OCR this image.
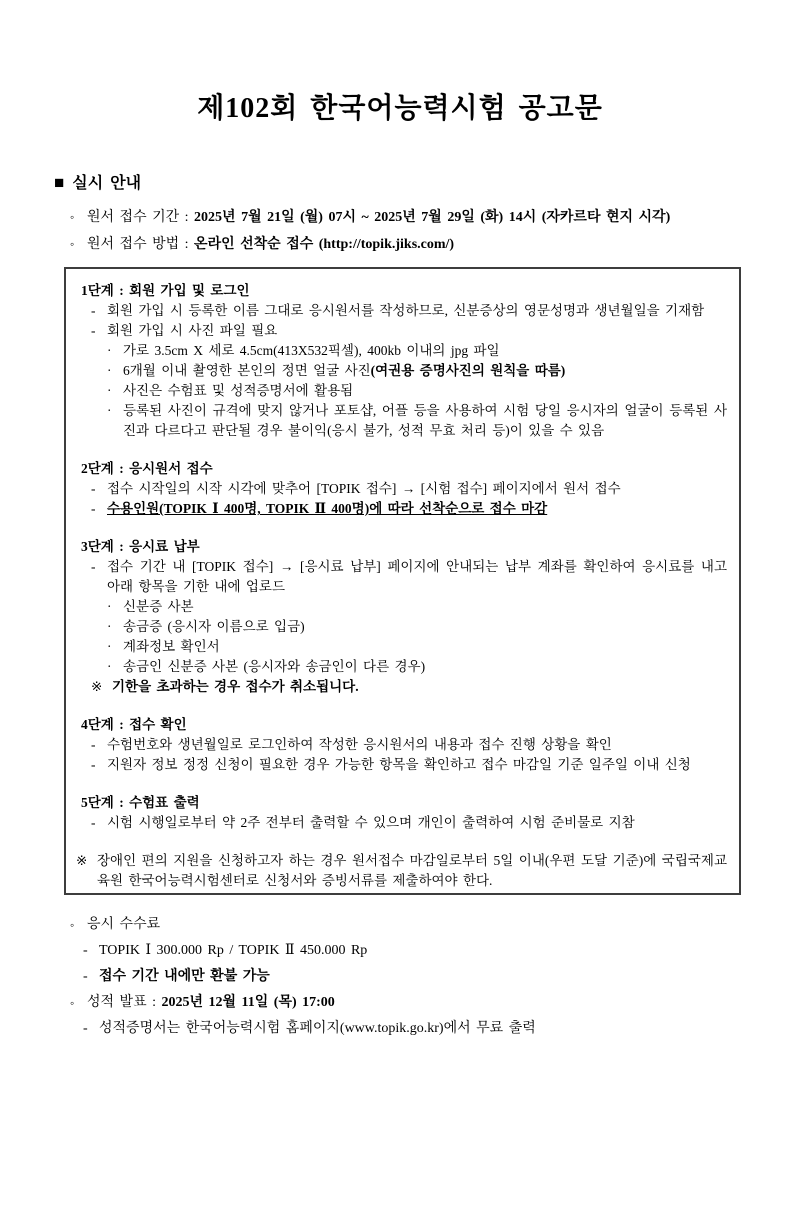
제102회 한국어능력시험 공고문
■ 실시 안내
◦ 원서 접수 기간 : 2025년 7월 21일 (월) 07시 ~ 2025년 7월 29일 (화) 14시 (자카르타 현지 시각)
◦ 원서 접수 방법 : 온라인 선착순 접수 (http://topik.jiks.com/)
1단계 : 회원 가입 및 로그인
- 회원 가입 시 등록한 이름 그대로 응시원서를 작성하므로, 신분증상의 영문성명과 생년월일을 기재함
- 회원 가입 시 사진 파일 필요
· 가로 3.5cm X 세로 4.5cm(413X532픽셀), 400kb 이내의 jpg 파일
· 6개월 이내 촬영한 본인의 정면 얼굴 사진(여권용 증명사진의 원칙을 따름)
· 사진은 수험표 및 성적증명서에 활용됨
· 등록된 사진이 규격에 맞지 않거나 포토샵, 어플 등을 사용하여 시험 당일 응시자의 얼굴이 등록된 사진과 다르다고 판단될 경우 불이익(응시 불가, 성적 무효 처리 등)이 있을 수 있음
2단계 : 응시원서 접수
- 접수 시작일의 시작 시각에 맞추어 [TOPIK 접수] → [시험 접수] 페이지에서 원서 접수
- 수용인원(TOPIK Ⅰ 400명, TOPIK Ⅱ 400명)에 따라 선착순으로 접수 마감
3단계 : 응시료 납부
- 접수 기간 내 [TOPIK 접수] → [응시료 납부] 페이지에 안내되는 납부 계좌를 확인하여 응시료를 내고 아래 항목을 기한 내에 업로드
· 신분증 사본
· 송금증 (응시자 이름으로 입금)
· 계좌정보 확인서
· 송금인 신분증 사본 (응시자와 송금인이 다른 경우)
※ 기한을 초과하는 경우 접수가 취소됩니다.
4단계 : 접수 확인
- 수험번호와 생년월일로 로그인하여 작성한 응시원서의 내용과 접수 진행 상황을 확인
- 지원자 정보 정정 신청이 필요한 경우 가능한 항목을 확인하고 접수 마감일 기준 일주일 이내 신청
5단계 : 수험표 출력
- 시험 시행일로부터 약 2주 전부터 출력할 수 있으며 개인이 출력하여 시험 준비물로 지참
※ 장애인 편의 지원을 신청하고자 하는 경우 원서접수 마감일로부터 5일 이내(우편 도달 기준)에 국립국제교육원 한국어능력시험센터로 신청서와 증빙서류를 제출하여야 한다.
◦ 응시 수수료
- TOPIK Ⅰ 300.000 Rp / TOPIK Ⅱ 450.000 Rp
- 접수 기간 내에만 환불 가능
◦ 성적 발표 : 2025년 12월 11일 (목) 17:00
- 성적증명서는 한국어능력시험 홈페이지(www.topik.go.kr)에서 무료 출력
